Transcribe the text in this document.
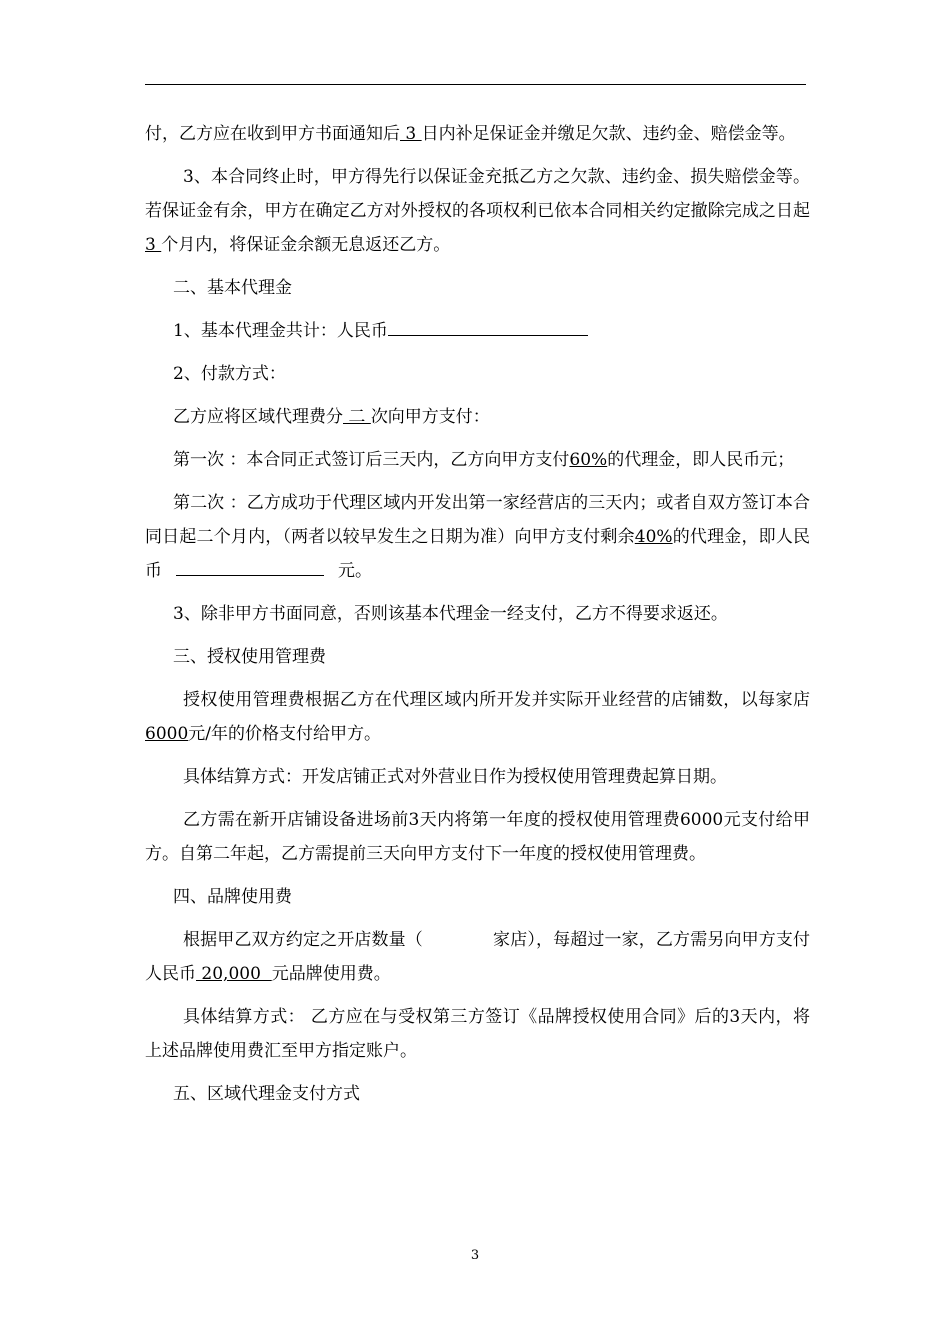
付，乙方应在收到甲方书面通知后 3 日内补足保证金并缴足欠款、违约金、赔偿金等。

3、本合同终止时，甲方得先行以保证金充抵乙方之欠款、违约金、损失赔偿金等。若保证金有余，甲方在确定乙方对外授权的各项权利已依本合同相关约定撤除完成之日起 3 个月内，将保证金余额无息返还乙方。

二、基本代理金

1、基本代理金共计：人民币

2、付款方式：

乙方应将区域代理费分 二 次向甲方支付：

第一次 ：本合同正式签订后三天内，乙方向甲方支付60%的代理金，即人民币元；

第二次 ：乙方成功于代理区域内开发出第一家经营店的三天内；或者自双方签订本合同日起二个月内，（两者以较早发生之日期为准）向甲方支付剩余40%的代理金，即人民币	元。

3、除非甲方书面同意，否则该基本代理金一经支付，乙方不得要求返还。

三、授权使用管理费

授权使用管理费根据乙方在代理区域内所开发并实际开业经营的店铺数，以每家店6000元/年的价格支付给甲方。

具体结算方式：开发店铺正式对外营业日作为授权使用管理费起算日期。

乙方需在新开店铺设备进场前3天内将第一年度的授权使用管理费6000元支付给甲方。自第二年起，乙方需提前三天向甲方支付下一年度的授权使用管理费。

四、品牌使用费

根据甲乙双方约定之开店数量（	家店），每超过一家，乙方需另向甲方支付人民币 20,000  元品牌使用费。

具体结算方式： 乙方应在与受权第三方签订《品牌授权使用合同》后的3天内，将上述品牌使用费汇至甲方指定账户。

五、区域代理金支付方式

3
